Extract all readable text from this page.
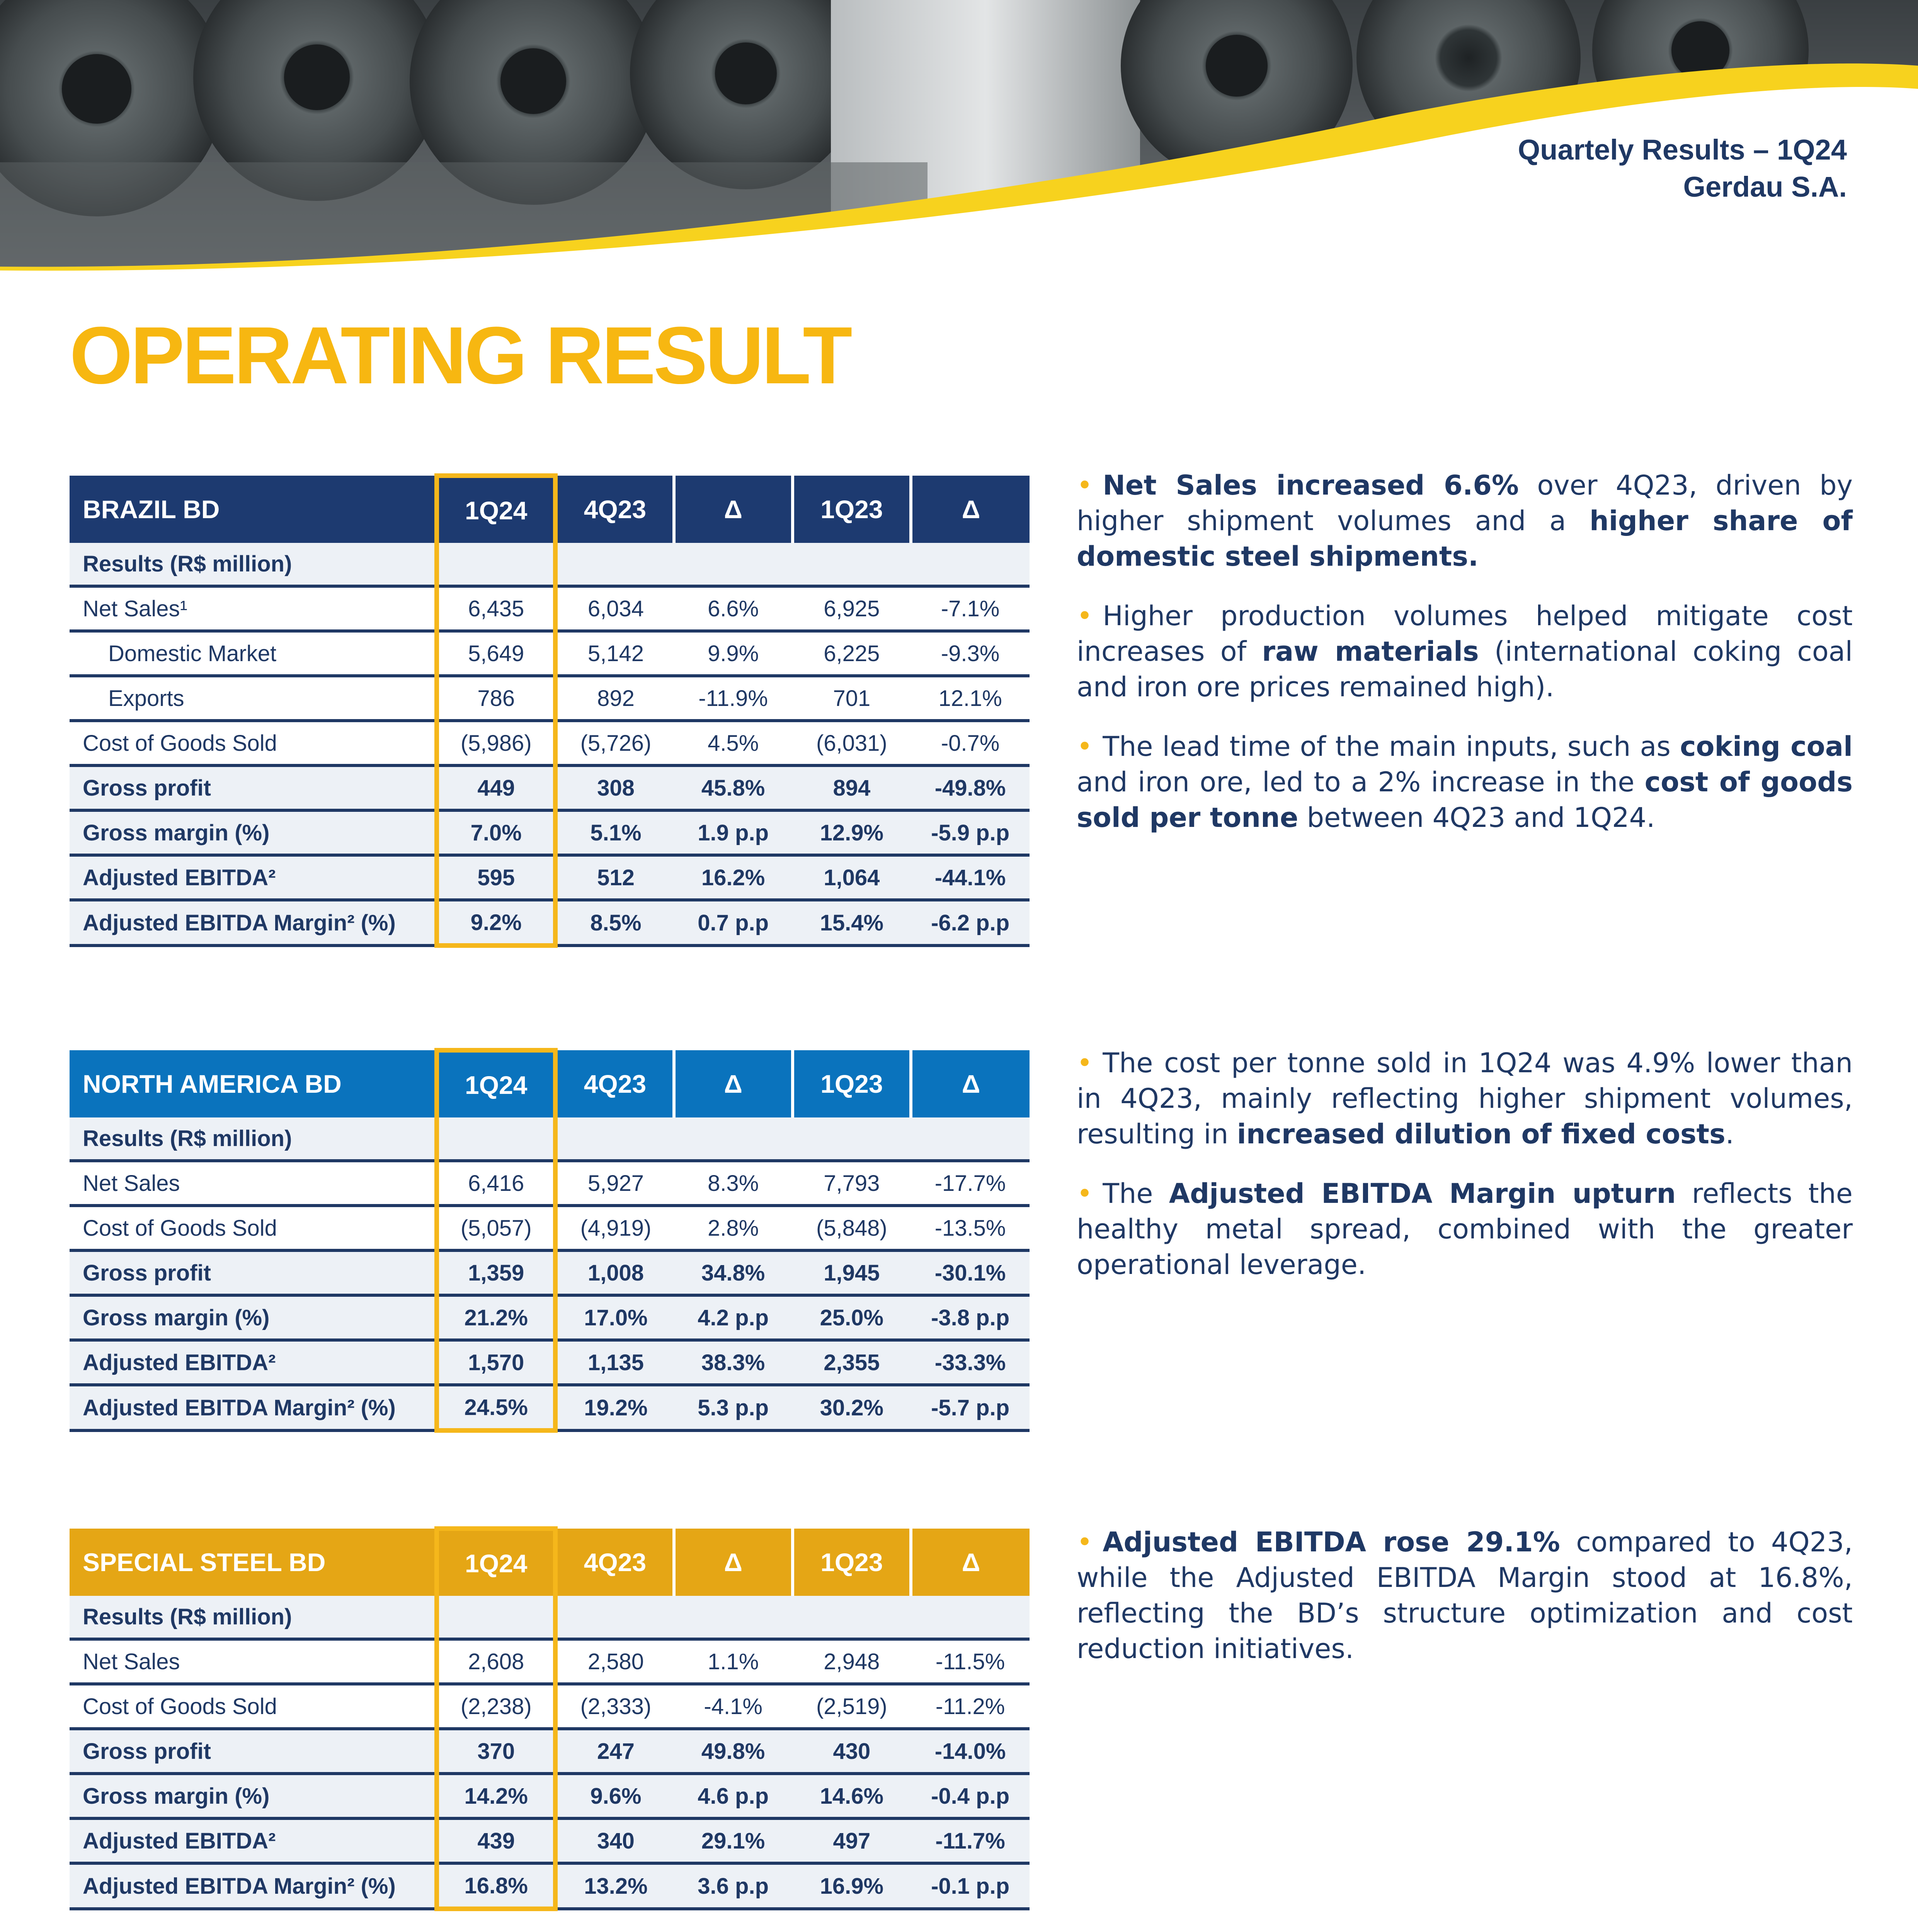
Quartely Results – 1Q24
Gerdau S.A.
OPERATING RESULT
BRAZIL BD	1Q24	4Q23	Δ	1Q23	Δ
Results (R$ million)					
Net Sales¹	6,435	6,034	6.6%	6,925	-7.1%
Domestic Market	5,649	5,142	9.9%	6,225	-9.3%
Exports	786	892	-11.9%	701	12.1%
Cost of Goods Sold	(5,986)	(5,726)	4.5%	(6,031)	-0.7%
Gross profit	449	308	45.8%	894	-49.8%
Gross margin (%)	7.0%	5.1%	1.9 p.p	12.9%	-5.9 p.p
Adjusted EBITDA²	595	512	16.2%	1,064	-44.1%
Adjusted EBITDA Margin² (%)	9.2%	8.5%	0.7 p.p	15.4%	-6.2 p.p

• Net Sales increased 6.6% over 4Q23, driven by higher shipment volumes and a higher share of domestic steel shipments.

• Higher production volumes helped mitigate cost increases of raw materials (international coking coal and iron ore prices remained high).

• The lead time of the main inputs, such as coking coal and iron ore, led to a 2% increase in the cost of goods sold per tonne between 4Q23 and 1Q24.

NORTH AMERICA BD	1Q24	4Q23	Δ	1Q23	Δ
Results (R$ million)					
Net Sales	6,416	5,927	8.3%	7,793	-17.7%
Cost of Goods Sold	(5,057)	(4,919)	2.8%	(5,848)	-13.5%
Gross profit	1,359	1,008	34.8%	1,945	-30.1%
Gross margin (%)	21.2%	17.0%	4.2 p.p	25.0%	-3.8 p.p
Adjusted EBITDA²	1,570	1,135	38.3%	2,355	-33.3%
Adjusted EBITDA Margin² (%)	24.5%	19.2%	5.3 p.p	30.2%	-5.7 p.p

• The cost per tonne sold in 1Q24 was 4.9% lower than in 4Q23, mainly reflecting higher shipment volumes, resulting in increased dilution of fixed costs.

• The Adjusted EBITDA Margin upturn reflects the healthy metal spread, combined with the greater operational leverage.

SPECIAL STEEL BD	1Q24	4Q23	Δ	1Q23	Δ
Results (R$ million)					
Net Sales	2,608	2,580	1.1%	2,948	-11.5%
Cost of Goods Sold	(2,238)	(2,333)	-4.1%	(2,519)	-11.2%
Gross profit	370	247	49.8%	430	-14.0%
Gross margin (%)	14.2%	9.6%	4.6 p.p	14.6%	-0.4 p.p
Adjusted EBITDA²	439	340	29.1%	497	-11.7%
Adjusted EBITDA Margin² (%)	16.8%	13.2%	3.6 p.p	16.9%	-0.1 p.p

• Adjusted EBITDA rose 29.1% compared to 4Q23, while the Adjusted EBITDA Margin stood at 16.8%, reflecting the BD’s structure optimization and cost reduction initiatives.
